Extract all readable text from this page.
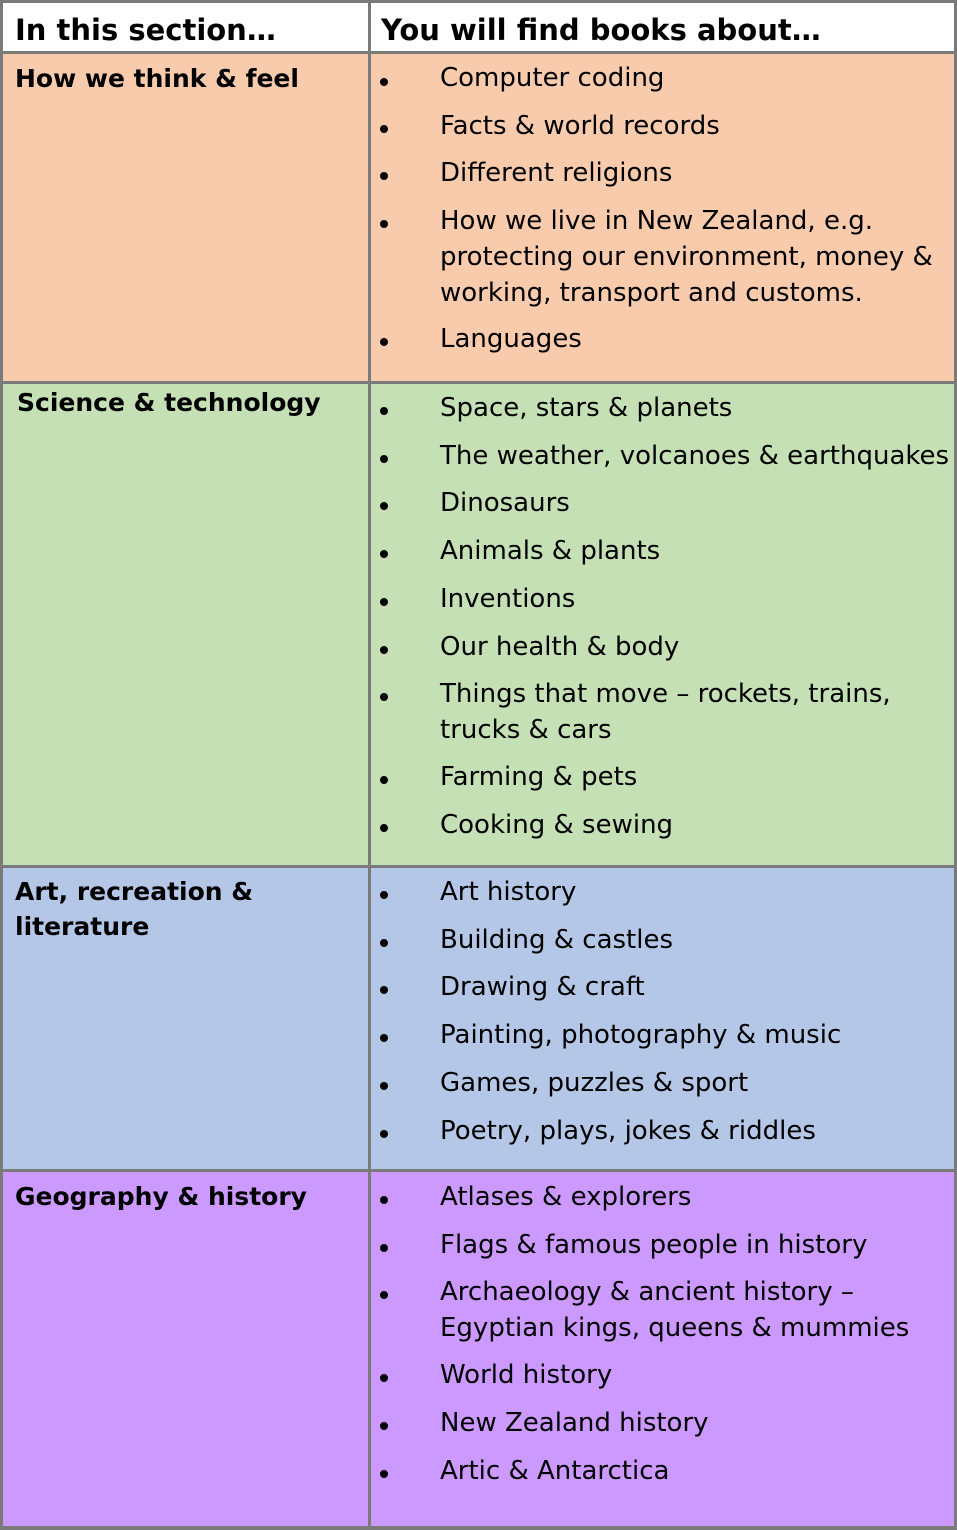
In this section…	You will find books about…
How we think & feel
Science & technology
Art, recreation &
literature
Geography & history
Computer coding
Facts & world records
Different religions
How we live in New Zealand, e.g.
protecting our environment, money &
working, transport and customs.
Languages
Space, stars & planets
The weather, volcanoes & earthquakes
Dinosaurs
Animals & plants
Inventions
Our health & body
Things that move – rockets, trains,
trucks & cars
Farming & pets
Cooking & sewing
Art history
Building & castles
Drawing & craft
Painting, photography & music
Games, puzzles & sport
Poetry, plays, jokes & riddles
Atlases & explorers
Flags & famous people in history
Archaeology & ancient history –
Egyptian kings, queens & mummies
World history
New Zealand history
Artic & Antarctica
